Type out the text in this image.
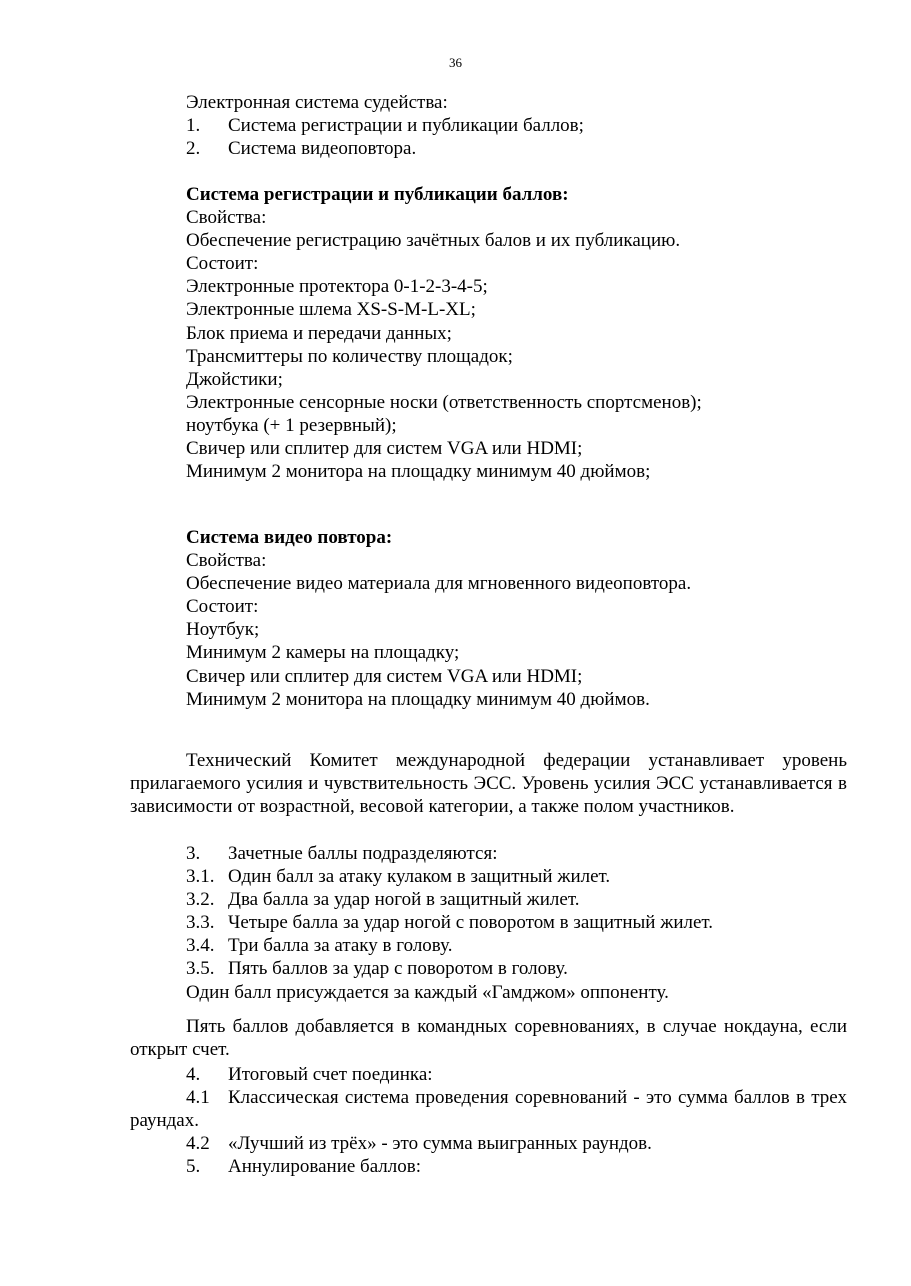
36
Электронная система судейства:
1. Система регистрации и публикации баллов;
2. Система видеоповтора.
Система регистрации и публикации баллов:
Свойства:
Обеспечение регистрацию зачётных балов и их публикацию.
Состоит:
Электронные протектора 0-1-2-3-4-5;
Электронные шлема XS-S-M-L-XL;
Блок приема и передачи данных;
Трансмиттеры по количеству площадок;
Джойстики;
Электронные сенсорные носки (ответственность спортсменов);
ноутбука (+ 1 резервный);
Свичер или сплитер для систем VGA или HDMI;
Минимум 2 монитора на площадку минимум 40 дюймов;
Система видео повтора:
Свойства:
Обеспечение видео материала для мгновенного видеоповтора.
Состоит:
Ноутбук;
Минимум 2 камеры на площадку;
Свичер или сплитер для систем VGA или HDMI;
Минимум 2 монитора на площадку минимум 40 дюймов.
Технический Комитет международной федерации устанавливает уровень прилагаемого усилия и чувствительность ЭСС. Уровень усилия ЭСС устанавливается в зависимости от возрастной, весовой категории, а также полом участников.
3. Зачетные баллы подразделяются:
3.1. Один балл за атаку кулаком в защитный жилет.
3.2. Два балла за удар ногой в защитный жилет.
3.3. Четыре балла за удар ногой с поворотом в защитный жилет.
3.4. Три балла за атаку в голову.
3.5. Пять баллов за удар с поворотом в голову.
Один балл присуждается за каждый «Гамджом» оппоненту.
Пять баллов добавляется в командных соревнованиях, в случае нокдауна, если открыт счет.
4. Итоговый счет поединка:
4.1 Классическая система проведения соревнований - это сумма баллов в трех раундах.
4.2 «Лучший из трёх» - это сумма выигранных раундов.
5. Аннулирование баллов:
